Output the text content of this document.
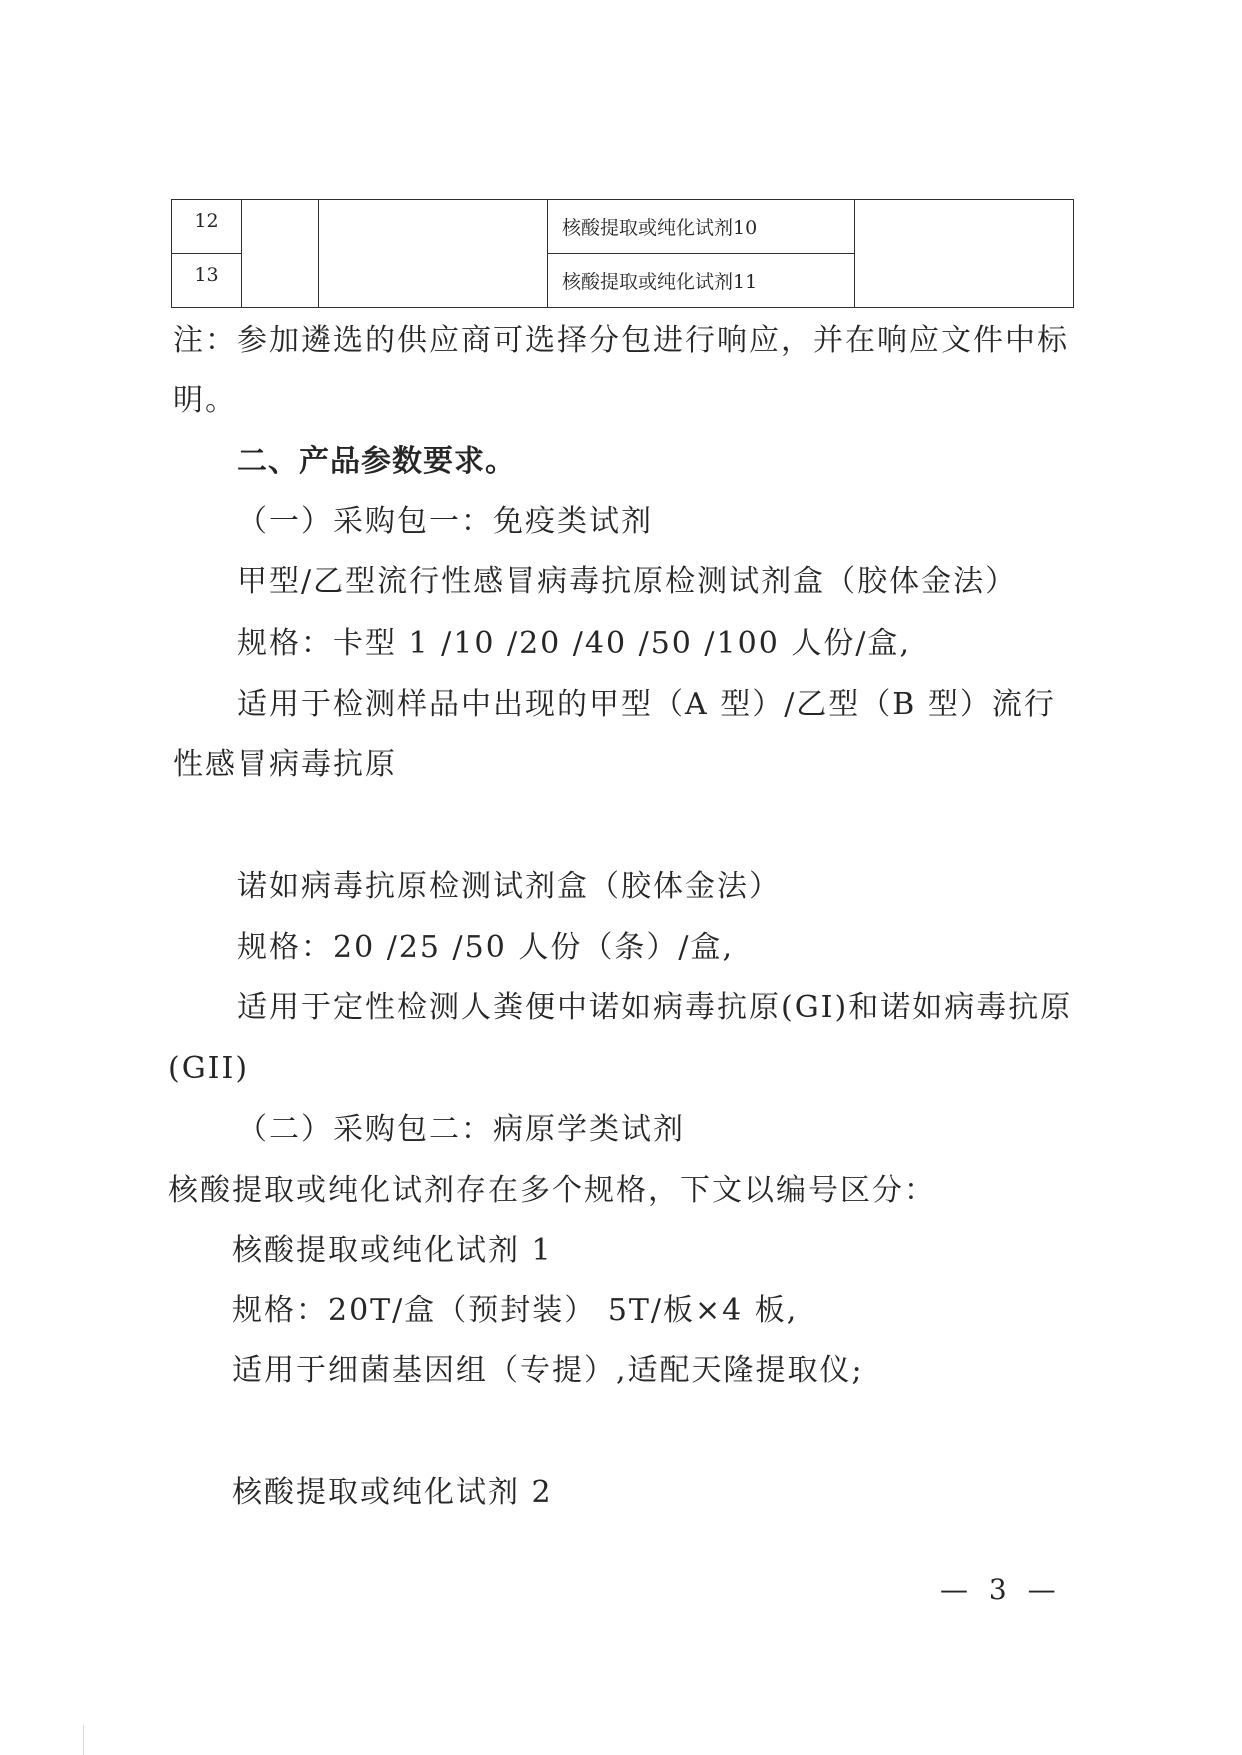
12			核酸提取或纯化试剂10	
13			核酸提取或纯化试剂11	
注：参加遴选的供应商可选择分包进行响应，并在响应文件中标
明。
二、产品参数要求。
（一）采购包一：免疫类试剂
甲型/乙型流行性感冒病毒抗原检测试剂盒（胶体金法）
规格：卡型 1 /10 /20 /40 /50 /100 人份/盒,
适用于检测样品中出现的甲型（A 型）/乙型（B 型）流行
性感冒病毒抗原
诺如病毒抗原检测试剂盒（胶体金法）
规格：20 /25 /50 人份（条）/盒,
适用于定性检测人粪便中诺如病毒抗原(GI)和诺如病毒抗原
(GII)
（二）采购包二：病原学类试剂
核酸提取或纯化试剂存在多个规格，下文以编号区分：
核酸提取或纯化试剂 1
规格：20T/盒（预封装） 5T/板×4 板,
适用于细菌基因组（专提）,适配天隆提取仪;
核酸提取或纯化试剂 2
— 3 —
